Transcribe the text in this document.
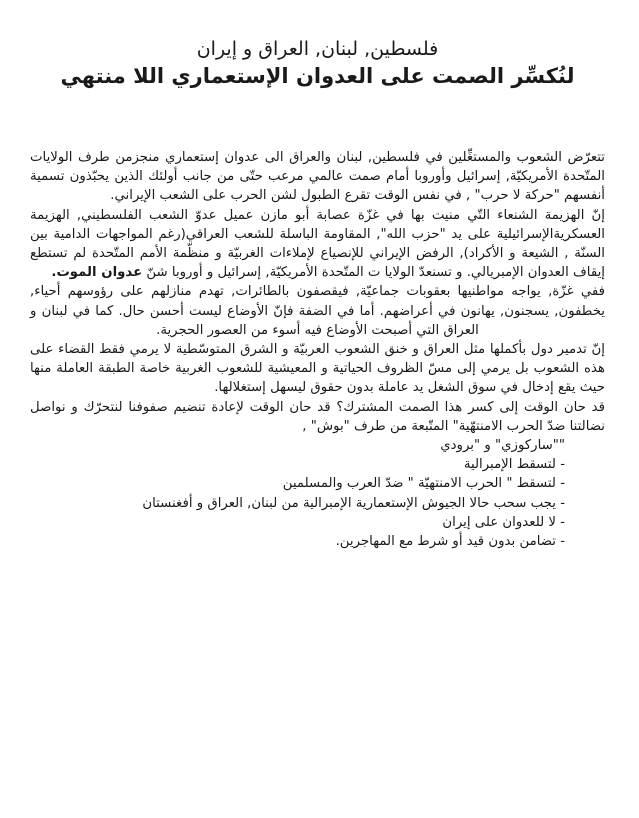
فلسطين, لبنان, العراق و إيران

لنُكسِّر الصمت على العدوان الإستعماري اللا منتهي

تتعرّض الشعوب والمستغِّلين في فلسطين, لبنان والعراق الى عدوان إستعماري منجزمن طرف الولايات المتّحدة الأمريكيّة, إسرائيل وأوروبا أمام صمت عالمي مرعب حتّى من جانب أولئك الذين يحبّذون تسمية أنفسهم "حركة لا حرب" , في نفس الوقت تقرع الطبول لشن الحرب على الشعب الإيراني.

إنّ الهزيمة الشنعاء التّي منيت بها في غزّة عصابة أبو مازن عميل عدوّ الشعب الفلسطيني, الهزيمة العسكريةالإسرائيلية على يد "حزب الله", المقاومة الباسلة للشعب العراقي(رغم المواجهات الدامية بين السنّة , الشيعة و الأكراد), الرفض الإيراني للإنصياع لإملاءات الغربيّة و منظّمة الأمم المتّحدة لم تستطع إيقاف العدوان الإمبريالي. و تسنعدّ الولايا ت المتّحدة الأمريكيّة, إسرائيل و أوروبا شنّ عدوان الموت.

ففي غزّة, يواجه مواطنيها بعقوبات جماعيّة, فيقصفون بالطائرات, تهدم منازلهم على رؤوسهم أحياء, يخطفون, يسجنون, يهانون في أعراضهم. أما في الضفة فإنّ الأوضاع ليست أحسن حال. كما في لبنان و العراق التي أصبحت الأوضاع فيه أسوء من العصور الحجرية.

إنّ تدمير دول بأكملها مثل العراق و خنق الشعوب العربيّة و الشرق المتوسّطية لا يرمي فقط القضاء على هذه الشعوب بل يرمي إلى مسّ الظروف الحياتية و المعيشية للشعوب الغربية خاصة الطبقة العاملة منها حيث يقع إدخال في سوق الشغل يد عاملة بدون حقوق ليسهل إستغلالها.

قد حان الوقت إلى كسر هذا الصمت المشترك؟ قد حان الوقت لإعادة تنضيم صفوفنا لنتحرّك و نواصل نضالتنا ضدّ الحرب الامنتهّية" المتّبعة من طرف "بوش" ,

""ساركوزي" و "برودي

- لتسقط الإمبرالية

- لتسقط " الحرب الامنتهيّة " ضدّ العرب والمسلمين

- يجب سحب حالا الجيوش الإستعمارية الإمبرالية من لبنان, العراق و أفغنستان

- لا للعدوان على إيران

- تضامن بدون قيد أو شرط مع المهاجرين.
